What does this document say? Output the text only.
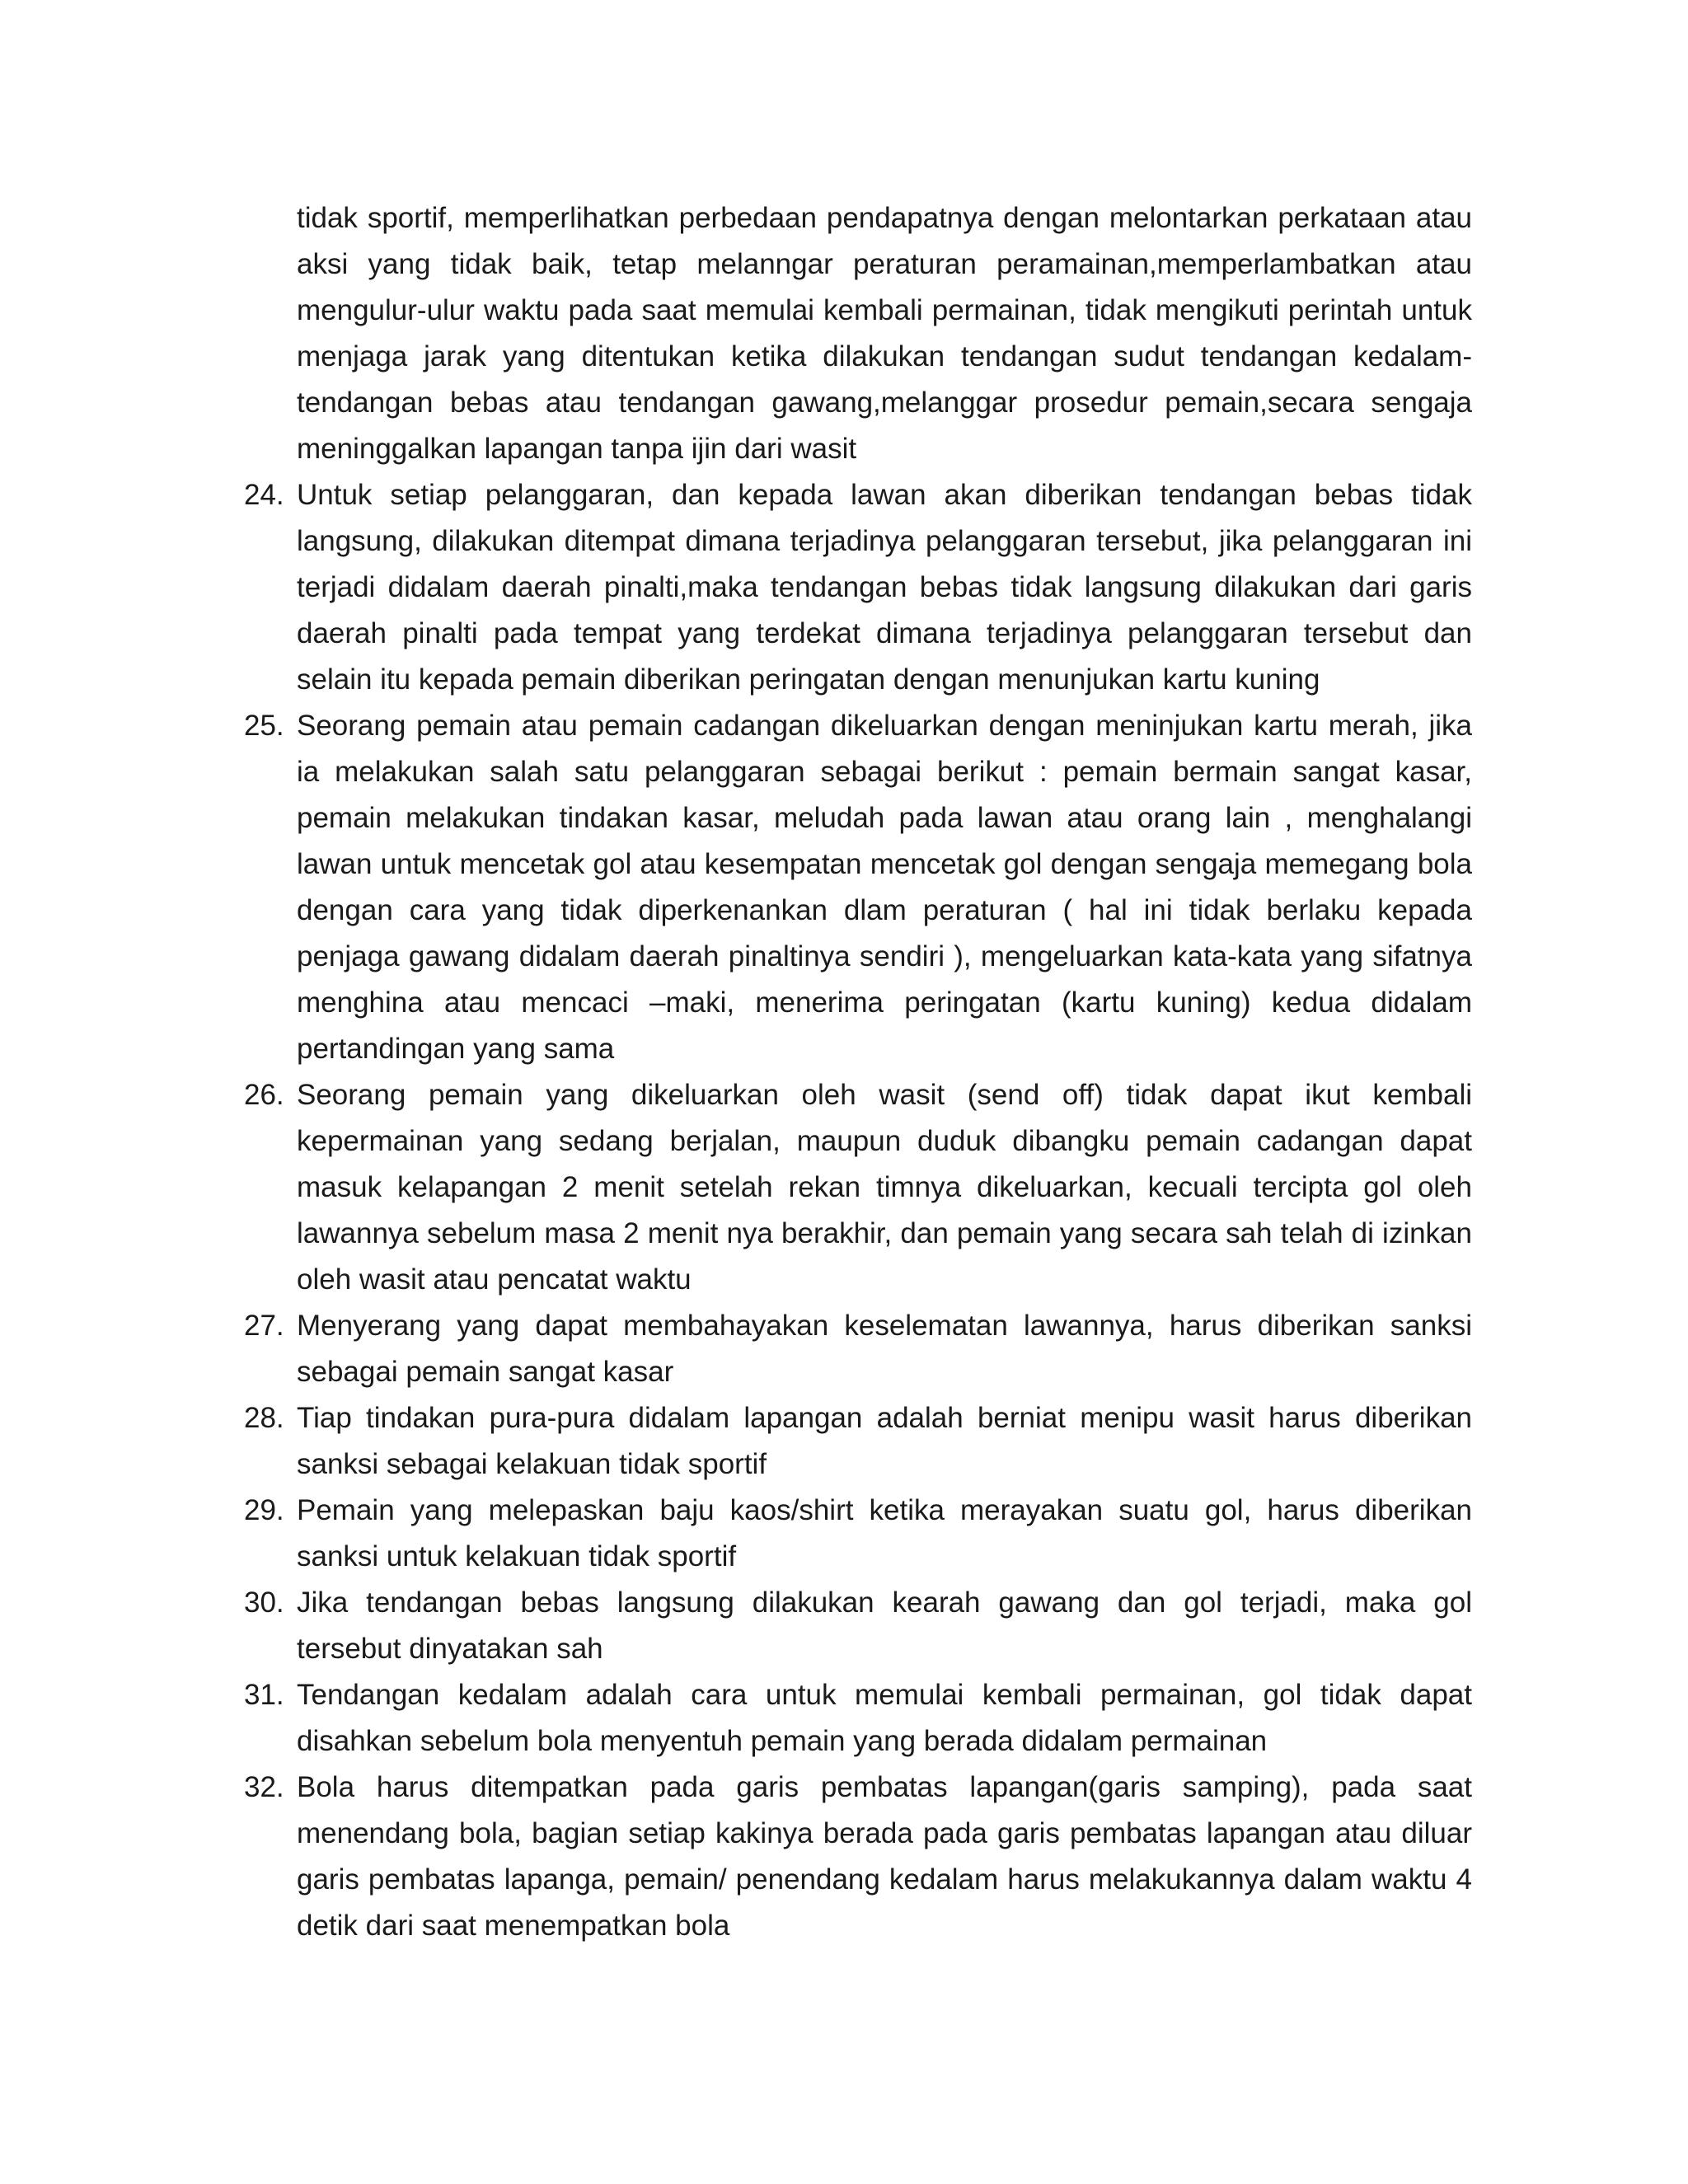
tidak sportif, memperlihatkan perbedaan pendapatnya dengan melontarkan perkataan atau aksi yang tidak baik, tetap melanngar peraturan peramainan,memperlambatkan atau mengulur-ulur waktu pada saat memulai kembali permainan, tidak mengikuti perintah untuk menjaga jarak yang ditentukan ketika dilakukan tendangan sudut tendangan kedalam-tendangan bebas atau tendangan gawang,melanggar prosedur pemain,secara sengaja meninggalkan lapangan tanpa ijin dari wasit

24. Untuk setiap pelanggaran, dan kepada lawan akan diberikan tendangan bebas tidak langsung, dilakukan ditempat dimana terjadinya pelanggaran tersebut, jika pelanggaran ini terjadi didalam daerah pinalti,maka tendangan bebas tidak langsung dilakukan dari garis daerah pinalti pada tempat yang terdekat dimana terjadinya pelanggaran tersebut dan selain itu kepada pemain diberikan peringatan dengan menunjukan kartu kuning
25. Seorang pemain atau pemain cadangan dikeluarkan dengan meninjukan kartu merah, jika ia melakukan salah satu pelanggaran sebagai berikut : pemain bermain sangat kasar, pemain melakukan tindakan kasar, meludah pada lawan atau orang lain , menghalangi lawan untuk mencetak gol atau kesempatan mencetak gol dengan sengaja memegang bola dengan cara yang tidak diperkenankan dlam peraturan ( hal ini tidak berlaku kepada penjaga gawang didalam daerah pinaltinya sendiri ), mengeluarkan kata-kata yang sifatnya menghina atau mencaci –maki, menerima peringatan (kartu kuning) kedua didalam pertandingan yang sama
26. Seorang pemain yang dikeluarkan oleh wasit (send off) tidak dapat ikut kembali kepermainan yang sedang berjalan, maupun duduk dibangku pemain cadangan dapat masuk kelapangan 2 menit setelah rekan timnya dikeluarkan, kecuali tercipta gol oleh lawannya sebelum masa 2 menit nya berakhir, dan pemain yang secara sah telah di izinkan oleh wasit atau pencatat waktu
27. Menyerang yang dapat membahayakan keselematan lawannya, harus diberikan sanksi sebagai pemain sangat kasar
28. Tiap tindakan pura-pura didalam lapangan adalah berniat menipu wasit harus diberikan sanksi sebagai kelakuan tidak sportif
29. Pemain yang melepaskan baju kaos/shirt ketika merayakan suatu gol, harus diberikan sanksi untuk kelakuan tidak sportif
30. Jika tendangan bebas langsung dilakukan kearah gawang dan gol terjadi, maka gol tersebut dinyatakan sah
31. Tendangan kedalam adalah cara untuk memulai kembali permainan, gol tidak dapat disahkan sebelum bola menyentuh pemain yang berada didalam permainan
32. Bola harus ditempatkan pada garis pembatas lapangan(garis samping), pada saat menendang bola, bagian setiap kakinya berada pada garis pembatas lapangan atau diluar garis pembatas lapanga, pemain/ penendang kedalam harus melakukannya dalam waktu 4 detik dari saat menempatkan bola
